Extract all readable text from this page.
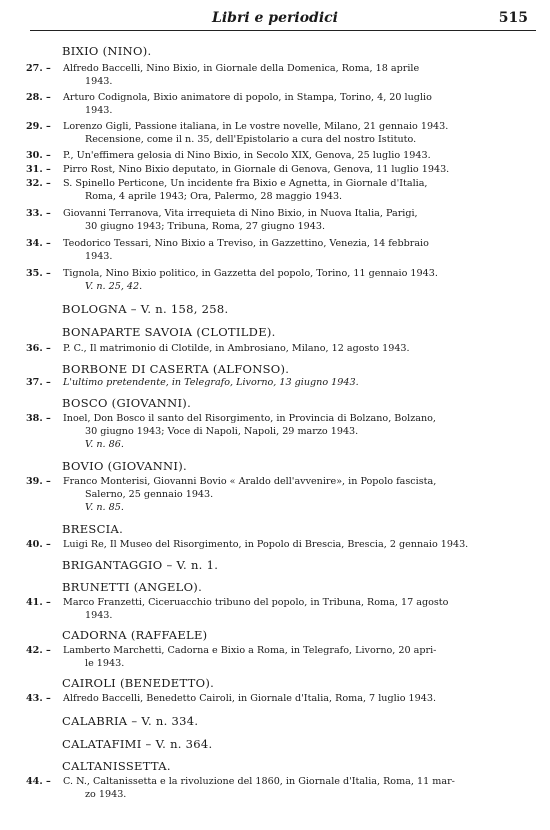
Libri e periodici	515
BIXIO (NINO).
27. –	Alfredo Baccelli, Nino Bixio, in Giornale della Domenica, Roma, 18 aprile
1943.
28. –	Arturo Codignola, Bixio animatore di popolo, in Stampa, Torino, 4, 20 luglio
1943.
29. –	Lorenzo Gigli, Passione italiana, in Le vostre novelle, Milano, 21 gennaio 1943.
Recensione, come il n. 35, dell'Epistolario a cura del nostro Istituto.
30. –	P., Un'effimera gelosia di Nino Bixio, in Secolo XIX, Genova, 25 luglio 1943.
31. –	Pirro Rost, Nino Bixio deputato, in Giornale di Genova, Genova, 11 luglio 1943.
32. –	S. Spinello Perticone, Un incidente fra Bixio e Agnetta, in Giornale d'Italia,
Roma, 4 aprile 1943; Ora, Palermo, 28 maggio 1943.
33. –	Giovanni Terranova, Vita irrequieta di Nino Bixio, in Nuova Italia, Parigi,
30 giugno 1943; Tribuna, Roma, 27 giugno 1943.
34. –	Teodorico Tessari, Nino Bixio a Treviso, in Gazzettino, Venezia, 14 febbraio
1943.
35. –	Tignola, Nino Bixio politico, in Gazzetta del popolo, Torino, 11 gennaio 1943.
V. n. 25, 42.
BOLOGNA – V. n. 158, 258.
BONAPARTE SAVOIA (CLOTILDE).
36. –	P. C., Il matrimonio di Clotilde, in Ambrosiano, Milano, 12 agosto 1943.
BORBONE DI CASERTA (ALFONSO).
37. –	L'ultimo pretendente, in Telegrafo, Livorno, 13 giugno 1943.
BOSCO (GIOVANNI).
38. –	Inoel, Don Bosco il santo del Risorgimento, in Provincia di Bolzano, Bolzano,
30 giugno 1943; Voce di Napoli, Napoli, 29 marzo 1943.
V. n. 86.
BOVIO (GIOVANNI).
39. –	Franco Monterisi, Giovanni Bovio « Araldo dell'avvenire», in Popolo fascista,
Salerno, 25 gennaio 1943.
V. n. 85.
BRESCIA.
40. –	Luigi Re, Il Museo del Risorgimento, in Popolo di Brescia, Brescia, 2 gennaio 1943.
BRIGANTAGGIO – V. n. 1.
BRUNETTI (ANGELO).
41. –	Marco Franzetti, Ciceruacchio tribuno del popolo, in Tribuna, Roma, 17 agosto
1943.
CADORNA (RAFFAELE)
42. –	Lamberto Marchetti, Cadorna e Bixio a Roma, in Telegrafo, Livorno, 20 apri-
le 1943.
CAIROLI (BENEDETTO).
43. –	Alfredo Baccelli, Benedetto Cairoli, in Giornale d'Italia, Roma, 7 luglio 1943.
CALABRIA – V. n. 334.
CALATAFIMI – V. n. 364.
CALTANISSETTA.
44. –	C. N., Caltanissetta e la rivoluzione del 1860, in Giornale d'Italia, Roma, 11 mar-
zo 1943.
